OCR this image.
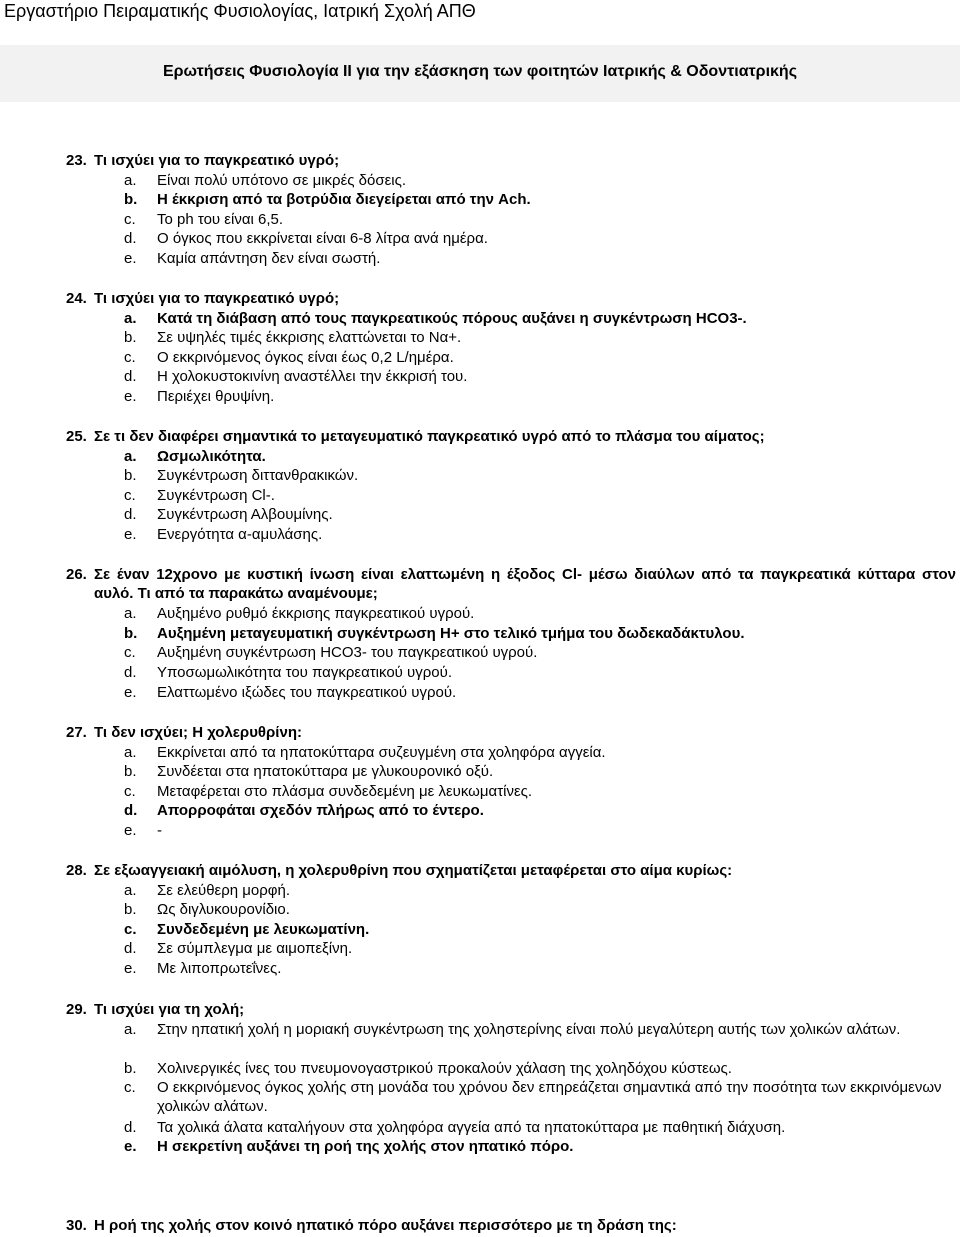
Εργαστήριο Πειραματικής Φυσιολογίας, Ιατρική Σχολή ΑΠΘ
Ερωτήσεις Φυσιολογία ΙΙ για την εξάσκηση των φοιτητών Ιατρικής & Οδοντιατρικής
23. Τι ισχύει για το παγκρεατικό υγρό;
a. Είναι πολύ υπότονο σε μικρές δόσεις.
b. Η έκκριση από τα βοτρύδια διεγείρεται από την Ach.
c. Το ph του είναι 6,5.
d. Ο όγκος που εκκρίνεται είναι 6-8 λίτρα ανά ημέρα.
e. Καμία απάντηση δεν είναι σωστή.
24. Τι ισχύει για το παγκρεατικό υγρό;
a. Κατά τη διάβαση από τους παγκρεατικούς πόρους αυξάνει η συγκέντρωση HCO3-.
b. Σε υψηλές τιμές έκκρισης ελαττώνεται το Να+.
c. Ο εκκρινόμενος όγκος είναι έως 0,2 L/ημέρα.
d. Η χολοκυστοκινίνη αναστέλλει την έκκρισή του.
e. Περιέχει θρυψίνη.
25. Σε τι δεν διαφέρει σημαντικά το μεταγευματικό παγκρεατικό υγρό από το πλάσμα του αίματος;
a. Ωσμωλικότητα.
b. Συγκέντρωση διττανθρακικών.
c. Συγκέντρωση Cl-.
d. Συγκέντρωση Αλβουμίνης.
e. Ενεργότητα α-αμυλάσης.
26. Σε έναν 12χρονο με κυστική ίνωση είναι ελαττωμένη η έξοδος Cl- μέσω διαύλων από τα παγκρεατικά κύτταρα στον αυλό. Τι από τα παρακάτω αναμένουμε;
a. Αυξημένο ρυθμό έκκρισης παγκρεατικού υγρού.
b. Αυξημένη μεταγευματική συγκέντρωση Η+ στο τελικό τμήμα του δωδεκαδάκτυλου.
c. Αυξημένη συγκέντρωση HCO3- του παγκρεατικού υγρού.
d. Υποσωμωλικότητα του παγκρεατικού υγρού.
e. Ελαττωμένο ιξώδες του παγκρεατικού υγρού.
27. Τι δεν ισχύει; Η χολερυθρίνη:
a. Εκκρίνεται από τα ηπατοκύτταρα συζευγμένη στα χοληφόρα αγγεία.
b. Συνδέεται στα ηπατοκύτταρα με γλυκουρονικό οξύ.
c. Μεταφέρεται στο πλάσμα συνδεδεμένη με λευκωματίνες.
d. Απορροφάται σχεδόν πλήρως από το έντερο.
e. -
28. Σε εξωαγγειακή αιμόλυση, η χολερυθρίνη που σχηματίζεται μεταφέρεται στο αίμα κυρίως:
a. Σε ελεύθερη μορφή.
b. Ως διγλυκουρονίδιο.
c. Συνδεδεμένη με λευκωματίνη.
d. Σε σύμπλεγμα με αιμοπεξίνη.
e. Με λιποπρωτεΐνες.
29. Τι ισχύει για τη χολή;
a. Στην ηπατική χολή η μοριακή συγκέντρωση της χοληστερίνης είναι πολύ μεγαλύτερη αυτής των χολικών αλάτων.
b. Χολινεργικές ίνες του πνευμονογαστρικού προκαλούν χάλαση της χοληδόχου κύστεως.
c. Ο εκκρινόμενος όγκος χολής στη μονάδα του χρόνου δεν επηρεάζεται σημαντικά από την ποσότητα των εκκρινόμενων χολικών αλάτων.
d. Τα χολικά άλατα καταλήγουν στα χοληφόρα αγγεία από τα ηπατοκύτταρα με παθητική διάχυση.
e. Η σεκρετίνη αυξάνει τη ροή της χολής στον ηπατικό πόρο.
30. Η ροή της χολής στον κοινό ηπατικό πόρο αυξάνει περισσότερο με τη δράση της:
